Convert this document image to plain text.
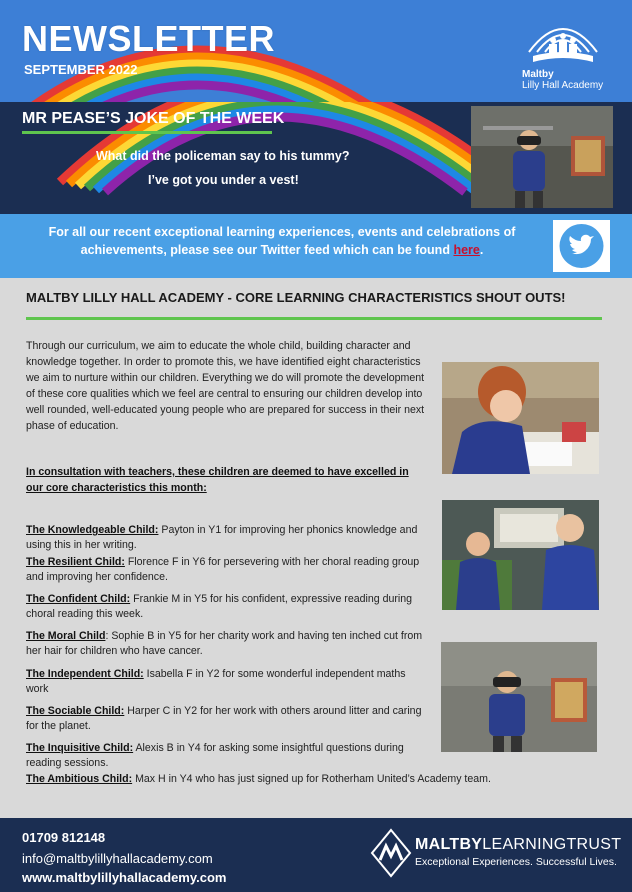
NEWSLETTER
SEPTEMBER 2022	Maltby
Lilly Hall Academy
MR PEASE’S JOKE OF THE WEEK
What did the policeman say to his tummy?
I’ve got you under a vest!
For all our recent exceptional learning experiences, events and celebrations of achievements, please see our Twitter feed which can be found here.
MALTBY LILLY HALL ACADEMY - CORE LEARNING CHARACTERISTICS SHOUT OUTS!

Through our curriculum, we aim to educate the whole child, building character and knowledge together. In order to promote this, we have identified eight characteristics we aim to nurture within our children. Everything we do will promote the development of these core qualities which we feel are central to ensuring our children develop into well rounded, well-educated young people who are prepared for success in their next phase of education.

In consultation with teachers, these children are deemed to have excelled in our core characteristics this month:

The Knowledgeable Child: Payton in Y1 for improving her phonics knowledge and using this in her writing.

The Resilient Child: Florence F in Y6 for persevering with her choral reading group and improving her confidence.

The Confident Child: Frankie M in Y5 for his confident, expressive reading during choral reading this week.

The Moral Child: Sophie B in Y5 for her charity work and having ten inched cut from her hair for children who have cancer.

The Independent Child: Isabella F in Y2 for some wonderful independent maths work

The Sociable Child: Harper C in Y2 for her work with others around litter and caring for the planet.

The Inquisitive Child: Alexis B in Y4 for asking some insightful questions during reading sessions.

The Ambitious Child: Max H in Y4 who has just signed up for Rotherham United’s Academy team.

01709 812148
info@maltbylillyhallacademy.com
www.maltbylillyhallacademy.com
MALTBYLEARNINGTRUST
Exceptional Experiences. Successful Lives.
